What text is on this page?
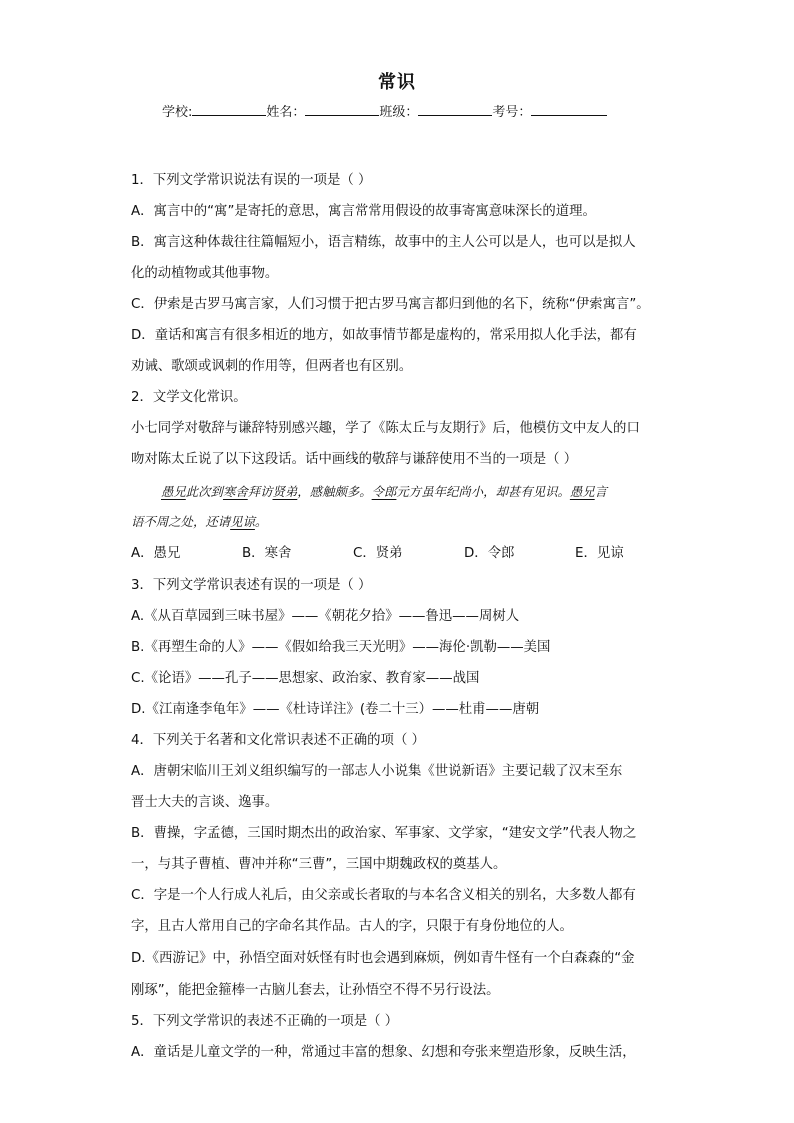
常识
学校:	姓名：	班级：	考号：
1．下列文学常识说法有误的一项是（ ）
A．寓言中的“寓”是寄托的意思，寓言常常用假设的故事寄寓意味深长的道理。
B．寓言这种体裁往往篇幅短小，语言精练，故事中的主人公可以是人，也可以是拟人
化的动植物或其他事物。
C．伊索是古罗马寓言家，人们习惯于把古罗马寓言都归到他的名下，统称“伊索寓言”。
D．童话和寓言有很多相近的地方，如故事情节都是虚构的，常采用拟人化手法，都有
劝诫、歌颂或讽刺的作用等，但两者也有区别。
2．文学文化常识。
小七同学对敬辞与谦辞特别感兴趣，学了《陈太丘与友期行》后，他模仿文中友人的口
吻对陈太丘说了以下这段话。话中画线的敬辞与谦辞使用不当的一项是（ ）
愚兄此次到寒舍拜访贤弟，感触颇多。令郎元方虽年纪尚小，却甚有见识。愚兄言
语不周之处，还请见谅。
A．愚兄	B．寒舍	C．贤弟	D．令郎	E．见谅
3．下列文学常识表述有误的一项是（ ）
A.《从百草园到三味书屋》——《朝花夕拾》——鲁迅——周树人
B.《再塑生命的人》——《假如给我三天光明》——海伦·凯勒——美国
C.《论语》——孔子——思想家、政治家、教育家——战国
D.《江南逢李龟年》——《杜诗详注》(卷二十三）——杜甫——唐朝
4．下列关于名著和文化常识表述不正确的项（ ）
A．唐朝宋临川王刘义组织编写的一部志人小说集《世说新语》主要记载了汉末至东
晋士大夫的言谈、逸事。
B．曹操，字孟德，三国时期杰出的政治家、军事家、文学家，“建安文学”代表人物之
一，与其子曹植、曹冲并称“三曹”，三国中期魏政权的奠基人。
C．字是一个人行成人礼后，由父亲或长者取的与本名含义相关的别名，大多数人都有
字，且古人常用自己的字命名其作品。古人的字，只限于有身份地位的人。
D.《西游记》中，孙悟空面对妖怪有时也会遇到麻烦，例如青牛怪有一个白森森的“金
刚琢”，能把金箍棒一古脑儿套去，让孙悟空不得不另行设法。
5．下列文学常识的表述不正确的一项是（ ）
A．童话是儿童文学的一种，常通过丰富的想象、幻想和夸张来塑造形象，反映生活，
